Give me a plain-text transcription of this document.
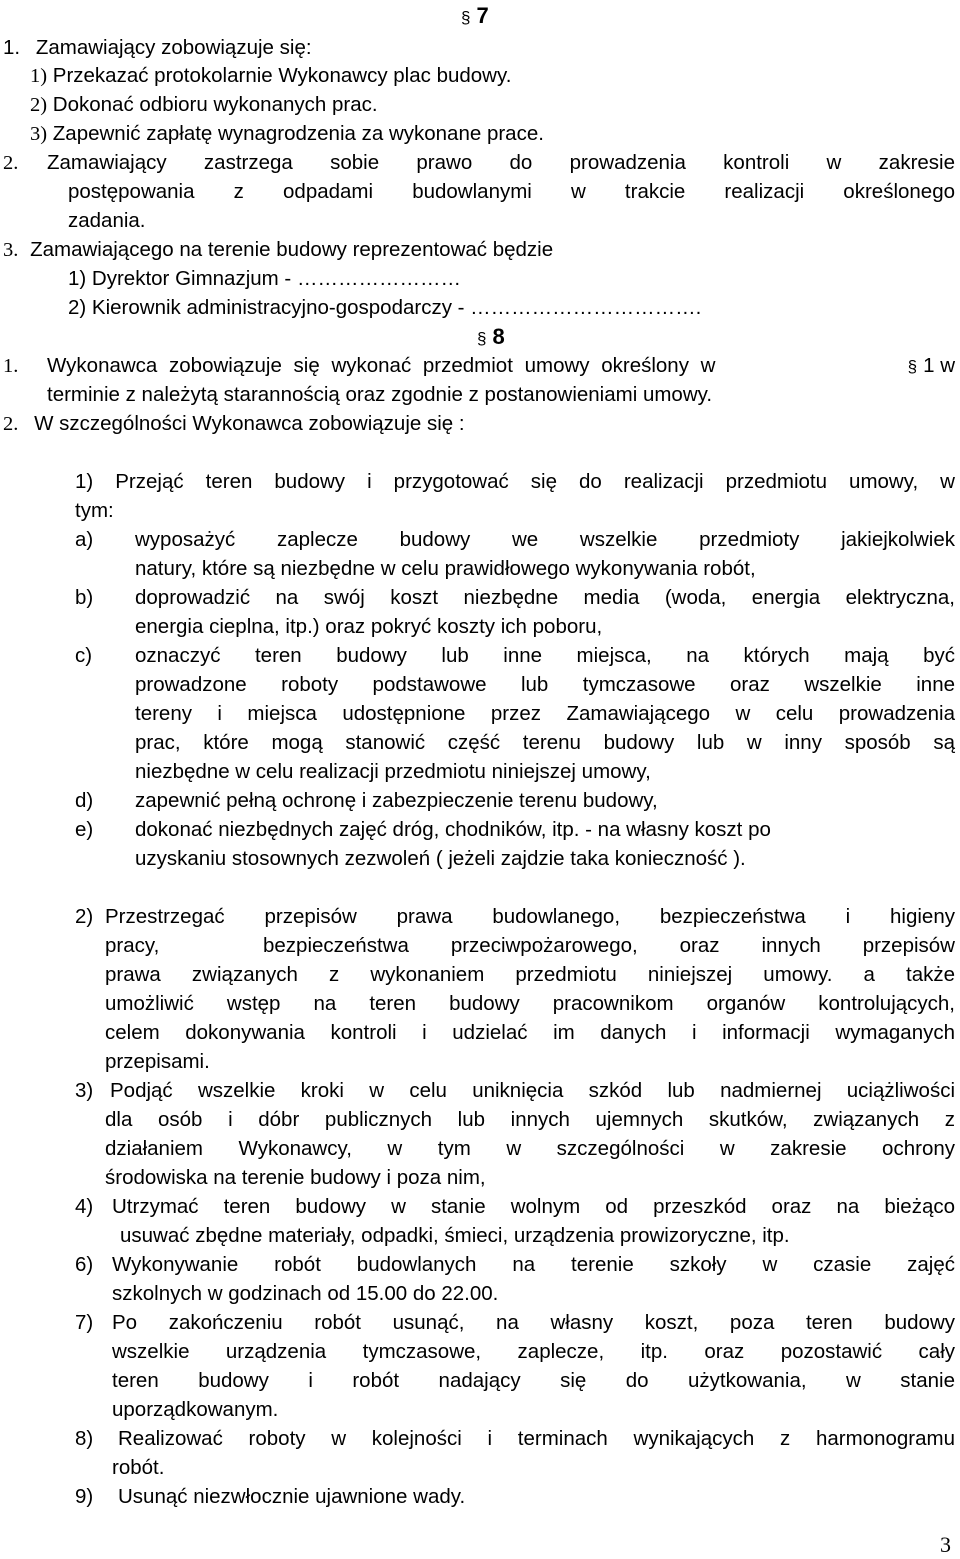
§ 7
1. Zamawiający zobowiązuje się:
1) Przekazać protokolarnie Wykonawcy plac budowy.
2) Dokonać odbioru wykonanych prac.
3) Zapewnić zapłatę wynagrodzenia za wykonane prace.
2. Zamawiający zastrzega sobie prawo do prowadzenia kontroli w zakresie
postępowania z odpadami budowlanymi w trakcie realizacji określonego
zadania.
3. Zamawiającego na terenie budowy reprezentować będzie
1) Dyrektor Gimnazjum - ……………………
2) Kierownik administracyjno-gospodarczy - …………………………….
§ 8
1. Wykonawca zobowiązuje się wykonać przedmiot umowy określony w	§ 1 w
terminie z należytą starannością oraz zgodnie z postanowieniami umowy.
2. W szczególności Wykonawca zobowiązuje się :
1) Przejąć teren budowy i przygotować się do realizacji przedmiotu umowy, w
tym:
a) wyposażyć zaplecze budowy we wszelkie przedmioty jakiejkolwiek
natury, które są niezbędne w celu prawidłowego wykonywania robót,
b) doprowadzić na swój koszt niezbędne media (woda, energia elektryczna,
energia cieplna, itp.) oraz pokryć koszty ich poboru,
c) oznaczyć teren budowy lub inne miejsca, na których mają być
prowadzone roboty podstawowe lub tymczasowe oraz wszelkie inne
tereny i miejsca udostępnione przez Zamawiającego w celu prowadzenia
prac, które mogą stanowić część terenu budowy lub w inny sposób są
niezbędne w celu realizacji przedmiotu niniejszej umowy,
d) zapewnić pełną ochronę i zabezpieczenie terenu budowy,
e) dokonać niezbędnych zajęć dróg, chodników, itp. - na własny koszt po
uzyskaniu stosownych zezwoleń ( jeżeli zajdzie taka konieczność ).
2) Przestrzegać przepisów prawa budowlanego, bezpieczeństwa i higieny
pracy,	bezpieczeństwa przeciwpożarowego, oraz innych przepisów
prawa związanych z wykonaniem przedmiotu niniejszej umowy. a także
umożliwić wstęp na teren budowy pracownikom organów kontrolujących,
celem dokonywania kontroli i udzielać im danych i informacji wymaganych
przepisami.
3) Podjąć wszelkie kroki w celu uniknięcia szkód lub nadmiernej uciążliwości
dla osób i dóbr publicznych lub innych ujemnych skutków, związanych z
działaniem Wykonawcy, w tym w szczególności w zakresie ochrony
środowiska na terenie budowy i poza nim,
4) Utrzymać teren budowy w stanie wolnym od przeszkód oraz na bieżąco
usuwać zbędne materiały, odpadki, śmieci, urządzenia prowizoryczne, itp.
6) Wykonywanie robót budowlanych na terenie szkoły w czasie zajęć
szkolnych w godzinach od 15.00 do 22.00.
7) Po zakończeniu robót usunąć, na własny koszt, poza teren budowy
wszelkie urządzenia tymczasowe, zaplecze, itp. oraz pozostawić cały
teren budowy i robót nadający się do użytkowania, w stanie
uporządkowanym.
8) Realizować roboty w kolejności i terminach wynikających z harmonogramu
robót.
9) Usunąć niezwłocznie ujawnione wady.
3
